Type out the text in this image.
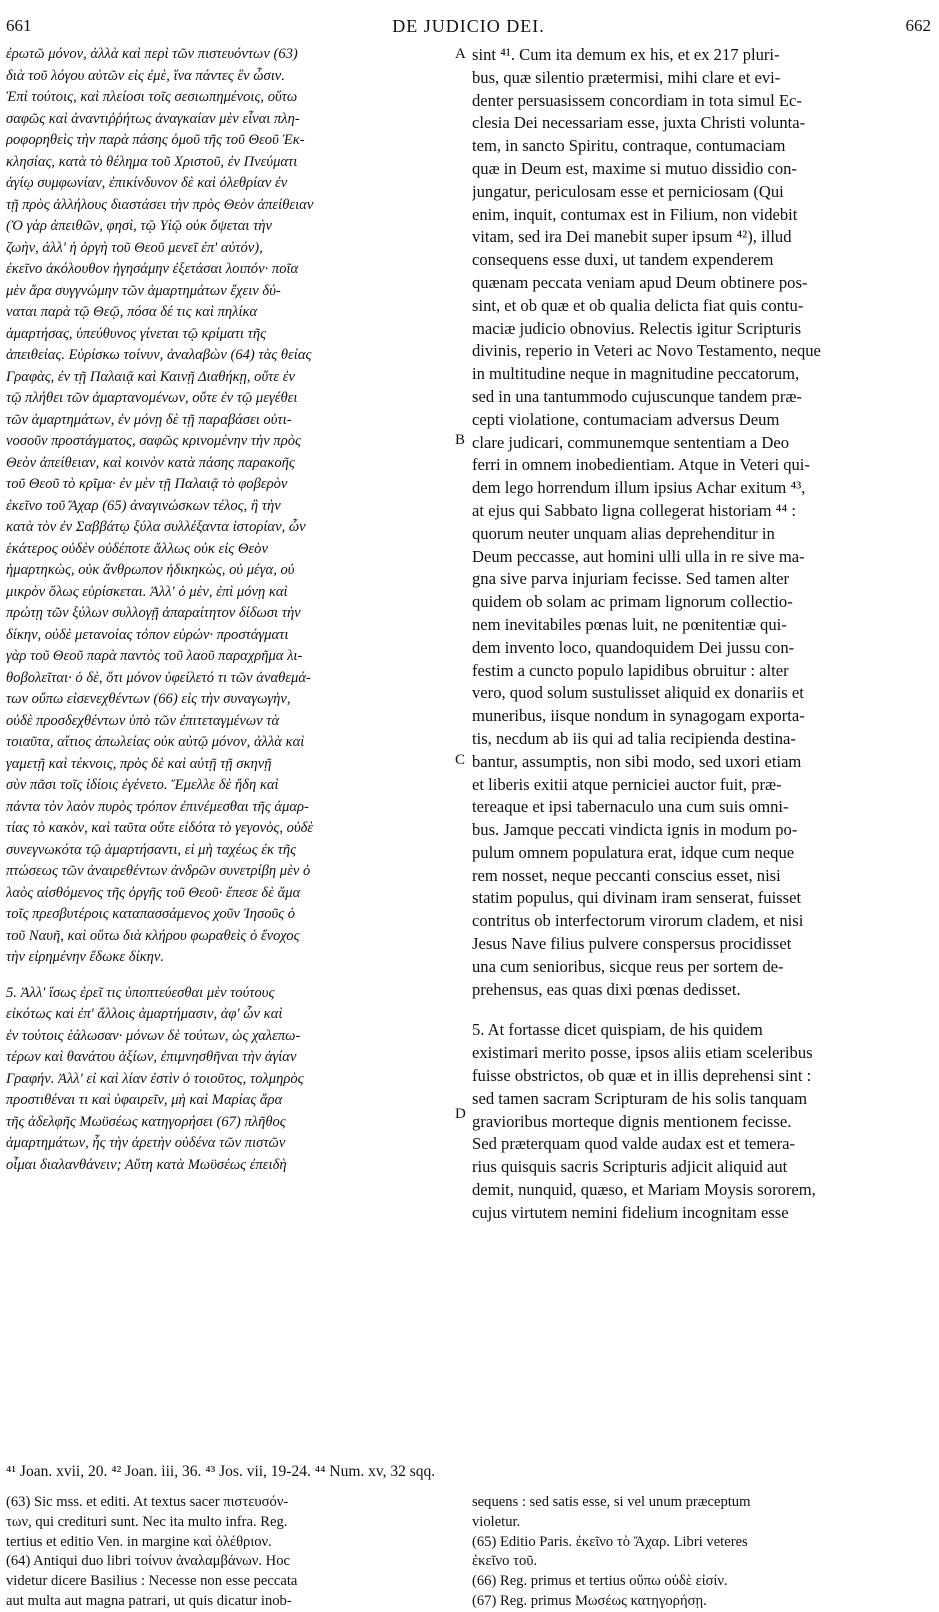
661	DE JUDICIO DEI.	662
ἐρωτῶ μόνον, ἀλλὰ καὶ περὶ τῶν πιστευόντων (63)
διὰ τοῦ λόγου αὐτῶν εἰς ἐμὲ, ἵνα πάντες ἓν ὦσιν.
Ἐπὶ τούτοις, καὶ πλείοσι τοῖς σεσιωπημένοις, οὕτω
σαφῶς καὶ ἀναντιῤῥήτως ἀναγκαίαν μὲν εἶναι πλη-
ροφορηθεὶς τὴν παρὰ πάσης ὁμοῦ τῆς τοῦ Θεοῦ Ἐκ-
κλησίας, κατὰ τὸ θέλημα τοῦ Χριστοῦ, ἐν Πνεύματι
ἁγίῳ συμφωνίαν, ἐπικίνδυνον δὲ καὶ ὀλεθρίαν ἐν
τῇ πρὸς ἀλλήλους διαστάσει τὴν πρὸς Θεὸν ἀπείθειαν
(Ὁ γὰρ ἀπειθῶν, φησὶ, τῷ Υἱῷ οὐκ ὄψεται τὴν
ζωὴν, ἀλλ' ἡ ὀργὴ τοῦ Θεοῦ μενεῖ ἐπ' αὐτόν),
ἐκεῖνο ἀκόλουθον ἡγησάμην ἐξετάσαι λοιπόν· ποῖα
μὲν ἄρα συγγνώμην τῶν ἁμαρτημάτων ἔχειν δύ-
ναται παρὰ τῷ Θεῷ, πόσα δέ τις καὶ πηλίκα
ἁμαρτήσας, ὑπεύθυνος γίνεται τῷ κρίματι τῆς
ἀπειθείας. Εὑρίσκω τοίνυν, ἀναλαβὼν (64) τὰς θείας
Γραφὰς, ἐν τῇ Παλαιᾷ καὶ Καινῇ Διαθήκῃ, οὔτε ἐν
τῷ πλήθει τῶν ἁμαρτανομένων, οὔτε ἐν τῷ μεγέθει
τῶν ἁμαρτημάτων, ἐν μόνῃ δὲ τῇ παραβάσει οὑτι-
νοσοῦν προστάγματος, σαφῶς κρινομένην τὴν πρὸς
Θεὸν ἀπείθειαν, καὶ κοινὸν κατὰ πάσης παρακοῆς
τοῦ Θεοῦ τὸ κρῖμα· ἐν μὲν τῇ Παλαιᾷ τὸ φοβερὸν
ἐκεῖνο τοῦ Ἄχαρ (65) ἀναγινώσκων τέλος, ἢ τὴν
κατὰ τὸν ἐν Σαββάτῳ ξύλα συλλέξαντα ἱστορίαν, ὧν
ἑκάτερος οὐδὲν οὐδέποτε ἄλλως οὐκ εἰς Θεὸν
ἡμαρτηκὼς, οὐκ ἄνθρωπον ἠδικηκὼς, οὐ μέγα, οὐ
μικρὸν ὅλως εὑρίσκεται. Ἀλλ' ὁ μὲν, ἐπὶ μόνῃ καὶ
πρώτῃ τῶν ξύλων συλλογῇ ἀπαραίτητον δίδωσι τὴν
δίκην, οὐδὲ μετανοίας τόπον εὑρών· προστάγματι
γὰρ τοῦ Θεοῦ παρὰ παντὸς τοῦ λαοῦ παραχρῆμα λι-
θοβολεῖται· ὁ δὲ, ὅτι μόνον ὑφείλετό τι τῶν ἀναθεμά-
των οὔπω εἰσενεχθέντων (66) εἰς τὴν συναγωγὴν,
οὐδὲ προσδεχθέντων ὑπὸ τῶν ἐπιτεταγμένων τὰ
τοιαῦτα, αἴτιος ἀπωλείας οὐκ αὐτῷ μόνον, ἀλλὰ καὶ
γαμετῇ καὶ τέκνοις, πρὸς δὲ καὶ αὐτῇ τῇ σκηνῇ
σὺν πᾶσι τοῖς ἰδίοις ἐγένετο. Ἔμελλε δὲ ἤδη καὶ
πάντα τὸν λαὸν πυρὸς τρόπον ἐπινέμεσθαι τῆς ἁμαρ-
τίας τὸ κακὸν, καὶ ταῦτα οὔτε εἰδότα τὸ γεγονὸς, οὐδὲ
συνεγνωκότα τῷ ἁμαρτήσαντι, εἰ μὴ ταχέως ἐκ τῆς
πτώσεως τῶν ἀναιρεθέντων ἀνδρῶν συνετρίβη μὲν ὁ
λαὸς αἰσθόμενος τῆς ὀργῆς τοῦ Θεοῦ· ἔπεσε δὲ ἅμα
τοῖς πρεσβυτέροις καταπασσάμενος χοῦν Ἰησοῦς ὁ
τοῦ Ναυῆ, καὶ οὕτω διὰ κλήρου φωραθεὶς ὁ ἔνοχος
τὴν εἰρημένην ἔδωκε δίκην.
5. Ἀλλ' ἴσως ἐρεῖ τις ὑποπτεύεσθαι μὲν τούτους
εἰκότως καὶ ἐπ' ἄλλοις ἁμαρτήμασιν, ἀφ' ὧν καὶ
ἐν τούτοις ἑάλωσαν· μόνων δὲ τούτων, ὡς χαλεπω-
τέρων καὶ θανάτου ἀξίων, ἐπιμνησθῆναι τὴν ἁγίαν
Γραφήν. Ἀλλ' εἰ καὶ λίαν ἐστὶν ὁ τοιοῦτος, τολμηρὸς
προστιθέναι τι καὶ ὑφαιρεῖν, μὴ καὶ Μαρίας ἄρα
τῆς ἀδελφῆς Μωϋσέως κατηγορήσει (67) πλῆθος
ἁμαρτημάτων, ἧς τὴν ἀρετὴν οὐδένα τῶν πιστῶν
οἶμαι διαλανθάνειν; Αὕτη κατὰ Μωϋσέως ἐπειδὴ
sint ⁴¹. Cum ita demum ex his, et ex 217 pluri-
bus, quæ silentio prætermisi, mihi clare et evi-
denter persuasissem concordiam in tota simul Ec-
clesia Dei necessariam esse, juxta Christi volunta-
tem, in sancto Spiritu, contraque, contumaciam
quæ in Deum est, maxime si mutuo dissidio con-
jungatur, periculosam esse et perniciosam (Qui
enim, inquit, contumax est in Filium, non videbit
vitam, sed ira Dei manebit super ipsum ⁴²), illud
consequens esse duxi, ut tandem expenderem
quænam peccata veniam apud Deum obtinere pos-
sint, et ob quæ et ob qualia delicta fiat quis contu-
maciæ judicio obnovius. Relectis igitur Scripturis
divinis, reperio in Veteri ac Novo Testamento, neque
in multitudine neque in magnitudine peccatorum,
sed in una tantummodo cujuscunque tandem præ-
cepti violatione, contumaciam adversus Deum
clare judicari, communemque sententiam a Deo
ferri in omnem inobedientiam. Atque in Veteri qui-
dem lego horrendum illum ipsius Achar exitum ⁴³,
at ejus qui Sabbato ligna collegerat historiam ⁴⁴ :
quorum neuter unquam alias deprehenditur in
Deum peccasse, aut homini ulli ulla in re sive ma-
gna sive parva injuriam fecisse. Sed tamen alter
quidem ob solam ac primam lignorum collectio-
nem inevitabiles pœnas luit, ne pœnitentiæ qui-
dem invento loco, quandoquidem Dei jussu con-
festim a cuncto populo lapidibus obruitur : alter
vero, quod solum sustulisset aliquid ex donariis et
muneribus, iisque nondum in synagogam exporta-
tis, necdum ab iis qui ad talia recipienda destina-
bantur, assumptis, non sibi modo, sed uxori etiam
et liberis exitii atque perniciei auctor fuit, præ-
tereaque et ipsi tabernaculo una cum suis omni-
bus. Jamque peccati vindicta ignis in modum po-
pulum omnem populatura erat, idque cum neque
rem nosset, neque peccanti conscius esset, nisi
statim populus, qui divinam iram senserat, fuisset
contritus ob interfectorum virorum cladem, et nisi
Jesus Nave filius pulvere conspersus procidisset
una cum senioribus, sicque reus per sortem de-
prehensus, eas quas dixi pœnas dedisset.
5. At fortasse dicet quispiam, de his quidem
existimari merito posse, ipsos aliis etiam sceleribus
fuisse obstrictos, ob quæ et in illis deprehensi sint :
sed tamen sacram Scripturam de his solis tanquam
gravioribus morteque dignis mentionem fecisse.
Sed præterquam quod valde audax est et temera-
rius quisquis sacris Scripturis adjicit aliquid aut
demit, nunquid, quæso, et Mariam Moysis sororem,
cujus virtutem nemini fidelium incognitam esse
A
B
C
D
⁴¹ Joan. xvii, 20. ⁴² Joan. iii, 36. ⁴³ Jos. vii, 19-24. ⁴⁴ Num. xv, 32 sqq.
(63) Sic mss. et editi. At textus sacer πιστευσόν-
των, qui credituri sunt. Nec ita multo infra. Reg.
tertius et editio Ven. in margine καὶ ὀλέθριον.
(64) Antiqui duo libri τοίνυν ἀναλαμβάνων. Hoc
videtur dicere Basilius : Necesse non esse peccata
aut multa aut magna patrari, ut quis dicatur inob-
sequens : sed satis esse, si vel unum præceptum
violetur.
(65) Editio Paris. ἐκεῖνο τὸ Ἄχαρ. Libri veteres
ἐκεῖνο τοῦ.
(66) Reg. primus et tertius οὔπω οὐδὲ εἰσίν.
(67) Reg. primus Μωσέως κατηγορήσῃ.
